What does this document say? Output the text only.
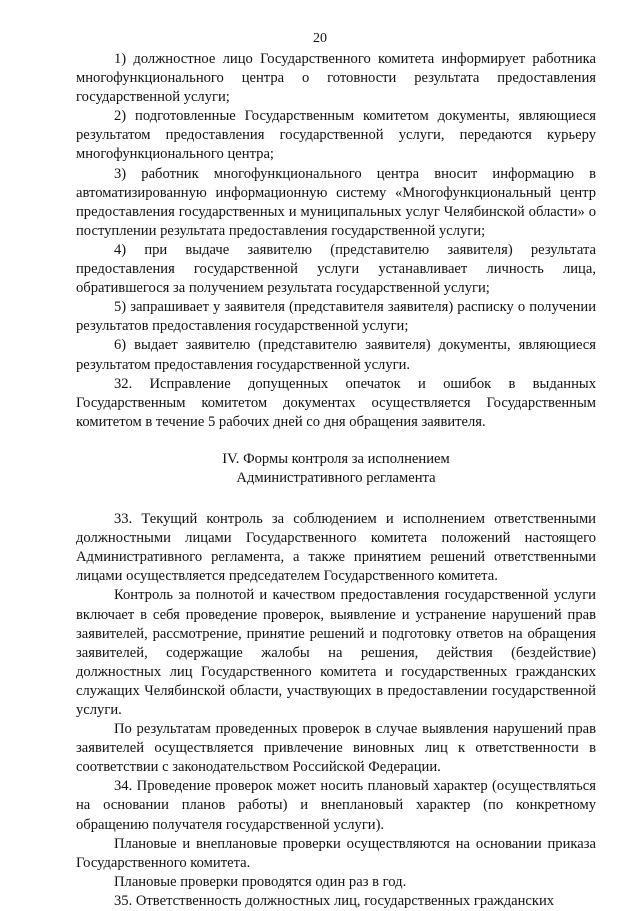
20

1) должностное лицо Государственного комитета информирует работника многофункционального центра о готовности результата предоставления государственной услуги;

2) подготовленные Государственным комитетом документы, являющиеся результатом предоставления государственной услуги, передаются курьеру многофункционального центра;

3) работник многофункционального центра вносит информацию в автоматизированную информационную систему «Многофункциональный центр предоставления государственных и муниципальных услуг Челябинской области» о поступлении результата предоставления государственной услуги;

4) при выдаче заявителю (представителю заявителя) результата предоставления государственной услуги устанавливает личность лица, обратившегося за получением результата государственной услуги;

5) запрашивает у заявителя (представителя заявителя) расписку о получении результатов предоставления государственной услуги;

6) выдает заявителю (представителю заявителя) документы, являющиеся результатом предоставления государственной услуги.

32. Исправление допущенных опечаток и ошибок в выданных Государственным комитетом документах осуществляется Государственным комитетом в течение 5 рабочих дней со дня обращения заявителя.

IV. Формы контроля за исполнением
Административного регламента

33. Текущий контроль за соблюдением и исполнением ответственными должностными лицами Государственного комитета положений настоящего Административного регламента, а также принятием решений ответственными лицами осуществляется председателем Государственного комитета.

Контроль за полнотой и качеством предоставления государственной услуги включает в себя проведение проверок, выявление и устранение нарушений прав заявителей, рассмотрение, принятие решений и подготовку ответов на обращения заявителей, содержащие жалобы на решения, действия (бездействие) должностных лиц Государственного комитета и государственных гражданских служащих Челябинской области, участвующих в предоставлении государственной услуги.

По результатам проведенных проверок в случае выявления нарушений прав заявителей осуществляется привлечение виновных лиц к ответственности в соответствии с законодательством Российской Федерации.

34. Проведение проверок может носить плановый характер (осуществляться на основании планов работы) и внеплановый характер (по конкретному обращению получателя государственной услуги).

Плановые и внеплановые проверки осуществляются на основании приказа Государственного комитета.

Плановые проверки проводятся один раз в год.

35. Ответственность должностных лиц, государственных гражданских
